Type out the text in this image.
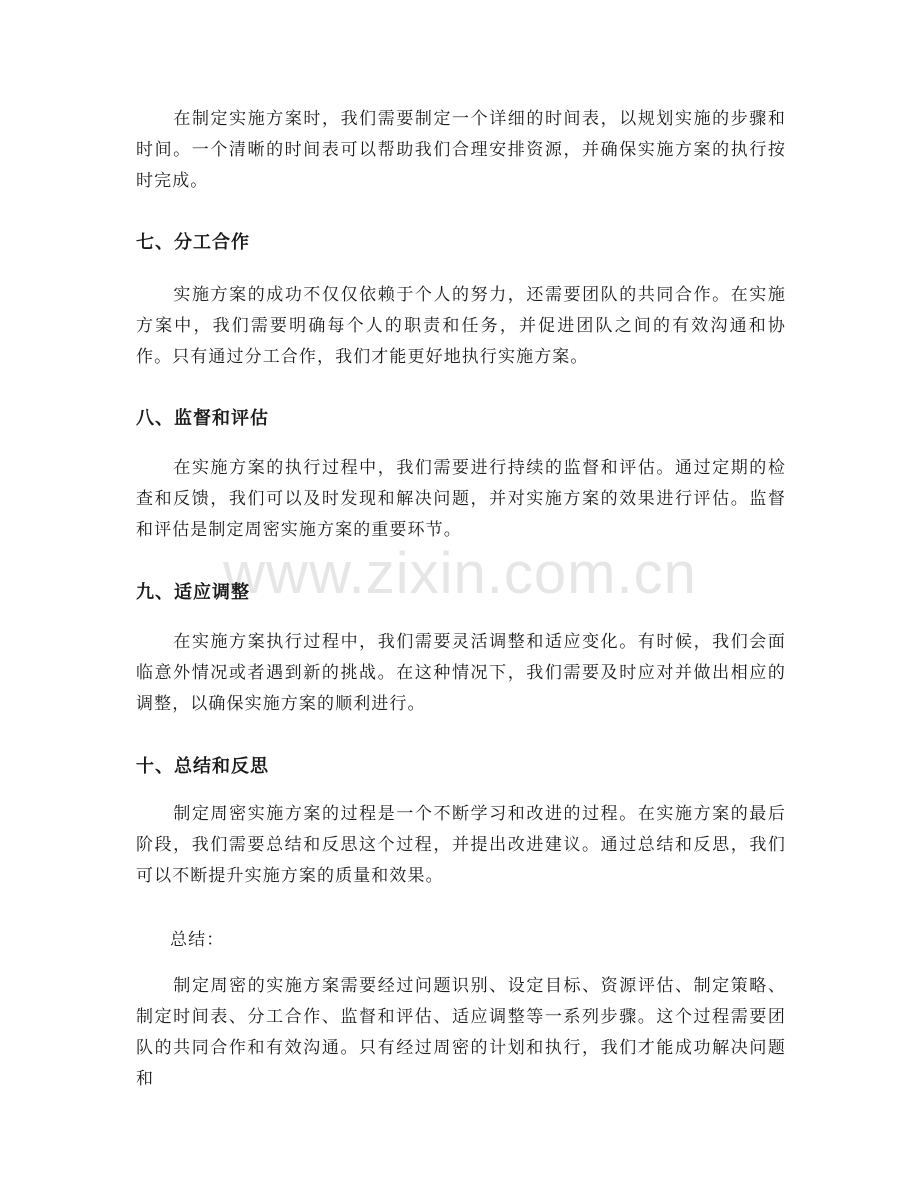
在制定实施方案时，我们需要制定一个详细的时间表，以规划实施的步骤和时间。一个清晰的时间表可以帮助我们合理安排资源，并确保实施方案的执行按时完成。

七、分工合作

实施方案的成功不仅仅依赖于个人的努力，还需要团队的共同合作。在实施方案中，我们需要明确每个人的职责和任务，并促进团队之间的有效沟通和协作。只有通过分工合作，我们才能更好地执行实施方案。

八、监督和评估

在实施方案的执行过程中，我们需要进行持续的监督和评估。通过定期的检查和反馈，我们可以及时发现和解决问题，并对实施方案的效果进行评估。监督和评估是制定周密实施方案的重要环节。

www.zixin.com.cn
九、适应调整

在实施方案执行过程中，我们需要灵活调整和适应变化。有时候，我们会面临意外情况或者遇到新的挑战。在这种情况下，我们需要及时应对并做出相应的调整，以确保实施方案的顺利进行。

十、总结和反思

制定周密实施方案的过程是一个不断学习和改进的过程。在实施方案的最后阶段，我们需要总结和反思这个过程，并提出改进建议。通过总结和反思，我们可以不断提升实施方案的质量和效果。

总结：

制定周密的实施方案需要经过问题识别、设定目标、资源评估、制定策略、制定时间表、分工合作、监督和评估、适应调整等一系列步骤。这个过程需要团队的共同合作和有效沟通。只有经过周密的计划和执行，我们才能成功解决问题和
